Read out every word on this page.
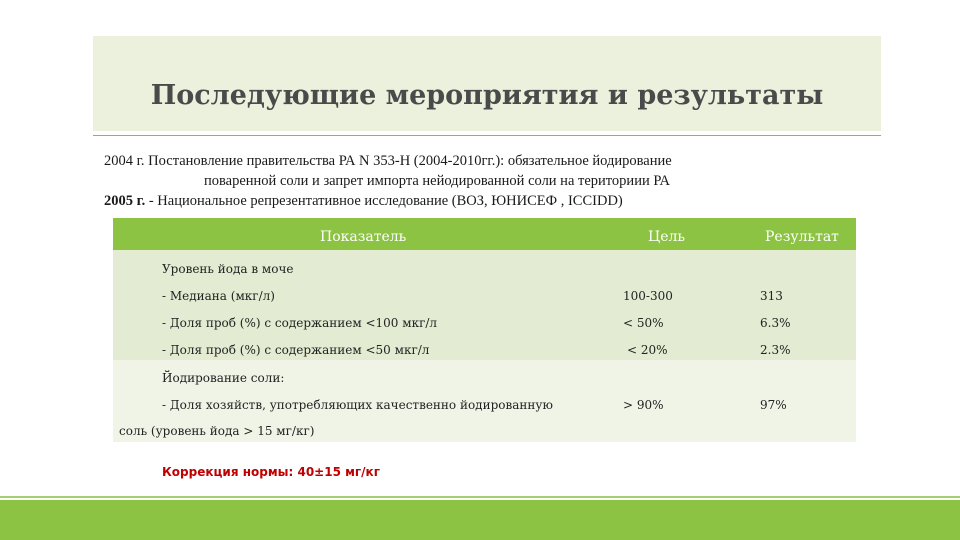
Последующие мероприятия и результаты
2004 г. Постановление правительства РА N 353-Н (2004-2010гг.): обязательное йодирование
поваренной соли и запрет импорта нейодированной соли на териториии РА
2005 г. - Национальное репрезентативное исследование (ВОЗ, ЮНИСЕФ , ICCIDD)
Показатель	Цель	Результат
Уровень йода в моче
- Медиана (мкг/л)	100-300	313
- Доля проб (%) с содержанием <100 мкг/л	< 50%	6.3%
- Доля проб (%) с содержанием <50 мкг/л	< 20%	2.3%
Йодирование соли:
- Доля хозяйств, употребляющих качественно йодированную	> 90%	97%
соль (уровень йода > 15 мг/кг)
Коррекция нормы: 40±15 мг/кг
